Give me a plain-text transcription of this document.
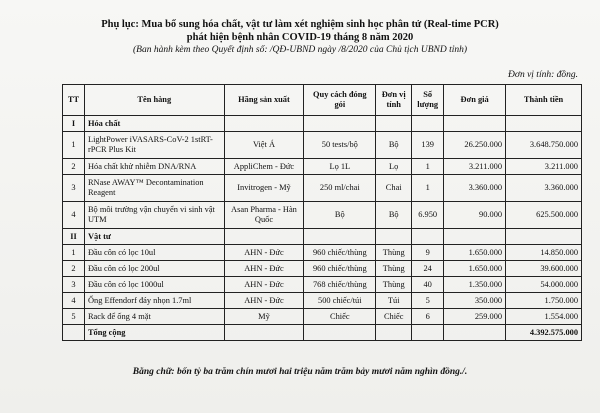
Phụ lục: Mua bổ sung hóa chất, vật tư làm xét nghiệm sinh học phân tử (Real-time PCR)
phát hiện bệnh nhân COVID-19 tháng 8 năm 2020
(Ban hành kèm theo Quyết định số: /QĐ-UBND ngày /8/2020 của Chủ tịch UBND tỉnh)
Đơn vị tính: đồng.
TT	Tên hàng	Hãng sản xuất	Quy cách đóng gói	Đơn vị tính	Số lượng	Đơn giá	Thành tiền
I	Hóa chất						
1	LightPower iVASARS-CoV-2 1stRT-rPCR Plus Kit	Việt Á	50 tests/bộ	Bộ	139	26.250.000	3.648.750.000
2	Hóa chất khử nhiễm DNA/RNA	AppliChem - Đức	Lọ 1L	Lọ	1	3.211.000	3.211.000
3	RNase AWAY™ Decontamination Reagent	Invitrogen - Mỹ	250 ml/chai	Chai	1	3.360.000	3.360.000
4	Bộ môi trường vận chuyển vi sinh vật UTM	Asan Pharma - Hàn Quốc	Bộ	Bộ	6.950	90.000	625.500.000
II	Vật tư						
1	Đầu côn có lọc 10ul	AHN - Đức	960 chiếc/thùng	Thùng	9	1.650.000	14.850.000
2	Đầu côn có lọc 200ul	AHN - Đức	960 chiếc/thùng	Thùng	24	1.650.000	39.600.000
3	Đầu côn có lọc 1000ul	AHN - Đức	768 chiếc/thùng	Thùng	40	1.350.000	54.000.000
4	Ống Effendorf đáy nhọn 1.7ml	AHN - Đức	500 chiếc/túi	Túi	5	350.000	1.750.000
5	Rack để ống 4 mặt	Mỹ	Chiếc	Chiếc	6	259.000	1.554.000
	Tổng cộng						4.392.575.000
Bằng chữ: bốn tỷ ba trăm chín mươi hai triệu năm trăm bảy mươi năm nghìn đồng./.
